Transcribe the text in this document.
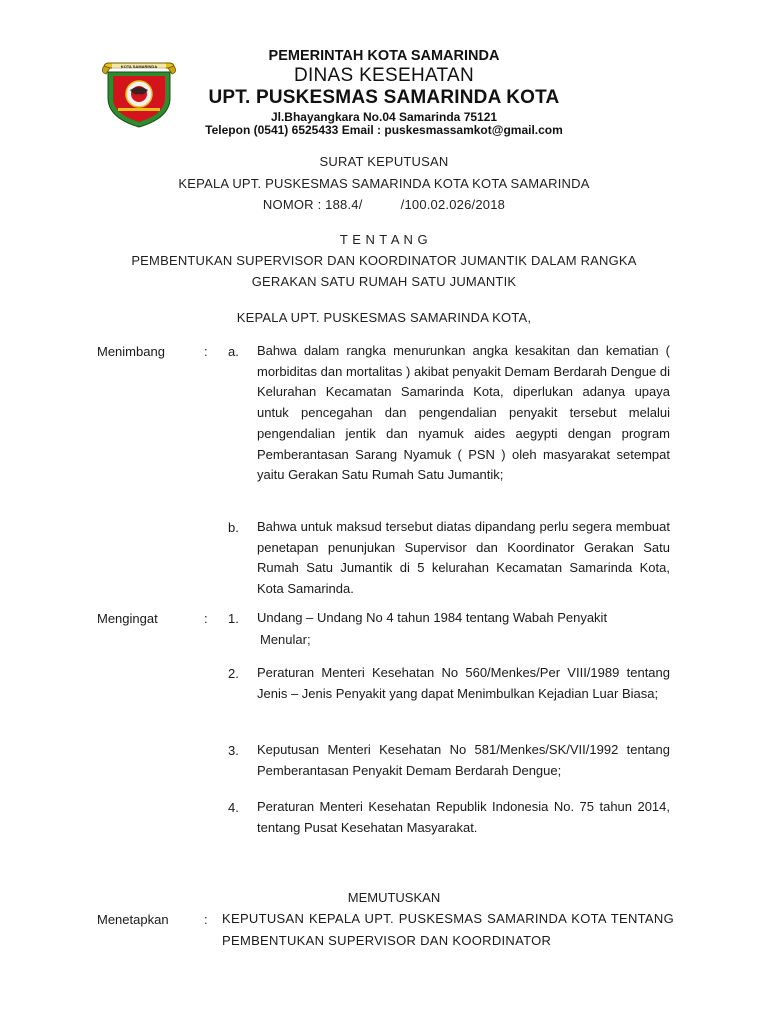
KOTA SAMARINDA
PEMERINTAH KOTA SAMARINDA
DINAS KESEHATAN
UPT. PUSKESMAS SAMARINDA KOTA
Jl.Bhayangkara No.04 Samarinda 75121
Telepon (0541) 6525433 Email : puskesmassamkot@gmail.com
SURAT KEPUTUSAN
KEPALA UPT. PUSKESMAS SAMARINDA KOTA KOTA SAMARINDA
NOMOR : 188.4/          /100.02.026/2018
T E N T A N G
PEMBENTUKAN SUPERVISOR DAN KOORDINATOR JUMANTIK DALAM RANGKA
GERAKAN SATU RUMAH SATU JUMANTIK
KEPALA UPT. PUSKESMAS SAMARINDA KOTA,
Menimbang	: a. Bahwa dalam rangka menurunkan angka kesakitan dan kematian ( morbiditas dan mortalitas ) akibat penyakit Demam Berdarah Dengue di Kelurahan Kecamatan Samarinda Kota, diperlukan adanya upaya untuk pencegahan dan pengendalian penyakit tersebut melalui pengendalian jentik dan nyamuk aides aegypti dengan program Pemberantasan Sarang Nyamuk ( PSN ) oleh masyarakat setempat yaitu Gerakan Satu Rumah Satu Jumantik;
b. Bahwa untuk maksud tersebut diatas dipandang perlu segera membuat penetapan penunjukan Supervisor dan Koordinator Gerakan Satu Rumah Satu Jumantik di 5 kelurahan Kecamatan Samarinda Kota, Kota Samarinda.
Mengingat	: 1. Undang – Undang No 4 tahun 1984 tentang Wabah Penyakit
Menular;
2. Peraturan Menteri Kesehatan No 560/Menkes/Per VIII/1989 tentang Jenis – Jenis Penyakit yang dapat Menimbulkan Kejadian Luar Biasa;
3. Keputusan Menteri Kesehatan No 581/Menkes/SK/VII/1992 tentang Pemberantasan Penyakit Demam Berdarah Dengue;
4. Peraturan Menteri Kesehatan Republik Indonesia No. 75 tahun 2014, tentang Pusat Kesehatan Masyarakat.
MEMUTUSKAN
Menetapkan	: KEPUTUSAN KEPALA UPT. PUSKESMAS SAMARINDA KOTA TENTANG PEMBENTUKAN SUPERVISOR DAN KOORDINATOR
